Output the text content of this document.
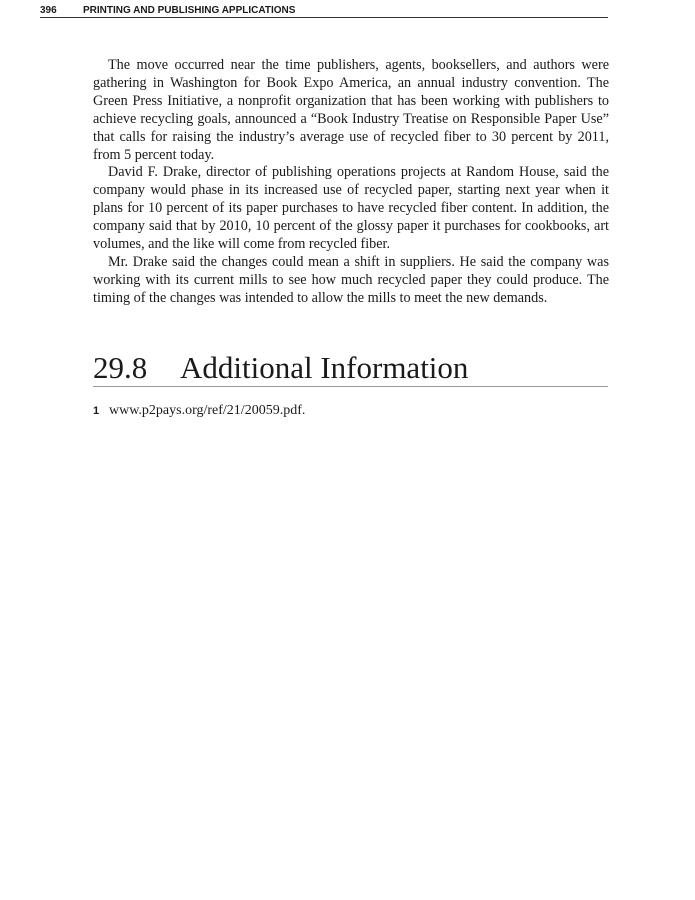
396	PRINTING AND PUBLISHING APPLICATIONS

The move occurred near the time publishers, agents, booksellers, and authors were gathering in Washington for Book Expo America, an annual industry convention. The Green Press Initiative, a nonprofit organization that has been working with publishers to achieve recycling goals, announced a “Book Industry Treatise on Responsible Paper Use” that calls for raising the industry’s average use of recycled fiber to 30 percent by 2011, from 5 percent today.

David F. Drake, director of publishing operations projects at Random House, said the company would phase in its increased use of recycled paper, starting next year when it plans for 10 percent of its paper purchases to have recycled fiber content. In addition, the company said that by 2010, 10 percent of the glossy paper it purchases for cookbooks, art volumes, and the like will come from recycled fiber.

Mr. Drake said the changes could mean a shift in suppliers. He said the company was working with its current mills to see how much recycled paper they could produce. The timing of the changes was intended to allow the mills to meet the new demands.

29.8 Additional Information
1 www.p2pays.org/ref/21/20059.pdf.
